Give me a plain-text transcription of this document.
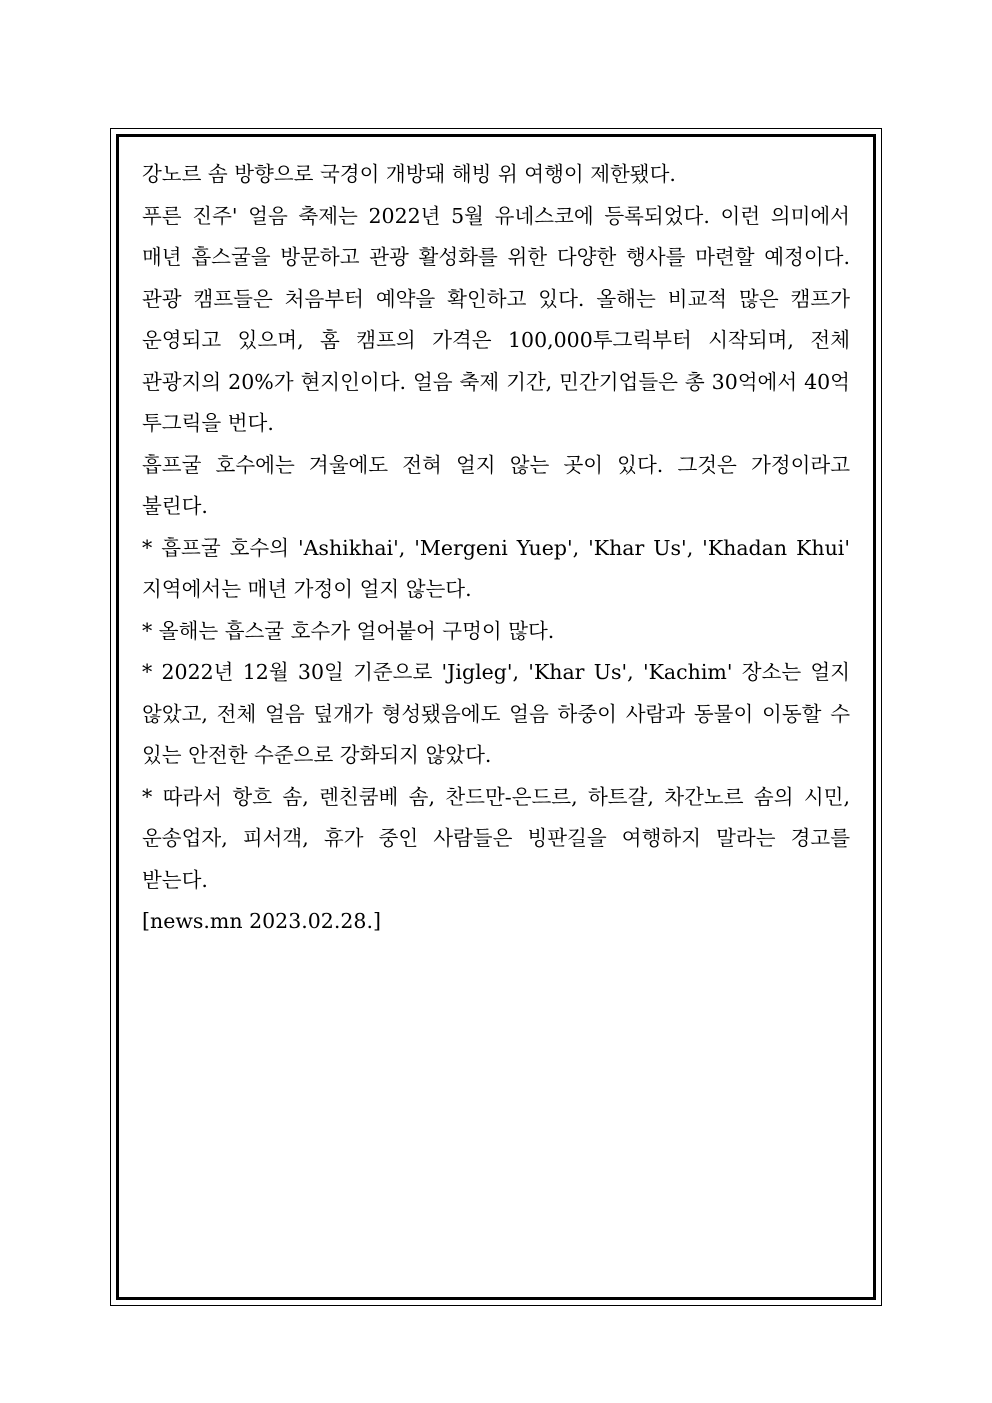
강노르 솜 방향으로 국경이 개방돼 해빙 위 여행이 제한됐다.

푸른 진주' 얼음 축제는 2022년 5월 유네스코에 등록되었다. 이런 의미에서 매년 흡스굴을 방문하고 관광 활성화를 위한 다양한 행사를 마련할 예정이다. 관광 캠프들은 처음부터 예약을 확인하고 있다. 올해는 비교적 많은 캠프가 운영되고 있으며, 홈 캠프의 가격은 100,000투그릭부터 시작되며, 전체 관광지의 20%가 현지인이다. 얼음 축제 기간, 민간기업들은 총 30억에서 40억 투그릭을 번다.

흡프굴 호수에는 겨울에도 전혀 얼지 않는 곳이 있다. 그것은 가정이라고 불린다.

* 흡프굴 호수의 'Ashikhai', 'Mergeni Yuep', 'Khar Us', 'Khadan Khui' 지역에서는 매년 가정이 얼지 않는다.

* 올해는 흡스굴 호수가 얼어붙어 구멍이 많다.

* 2022년 12월 30일 기준으로 'Jigleg', 'Khar Us', 'Kachim' 장소는 얼지 않았고, 전체 얼음 덮개가 형성됐음에도 얼음 하중이 사람과 동물이 이동할 수 있는 안전한 수준으로 강화되지 않았다.

* 따라서 항흐 솜, 렌친쿰베 솜, 찬드만-은드르, 하트갈, 차간노르 솜의 시민, 운송업자, 피서객, 휴가 중인 사람들은 빙판길을 여행하지 말라는 경고를 받는다.

[news.mn 2023.02.28.]
